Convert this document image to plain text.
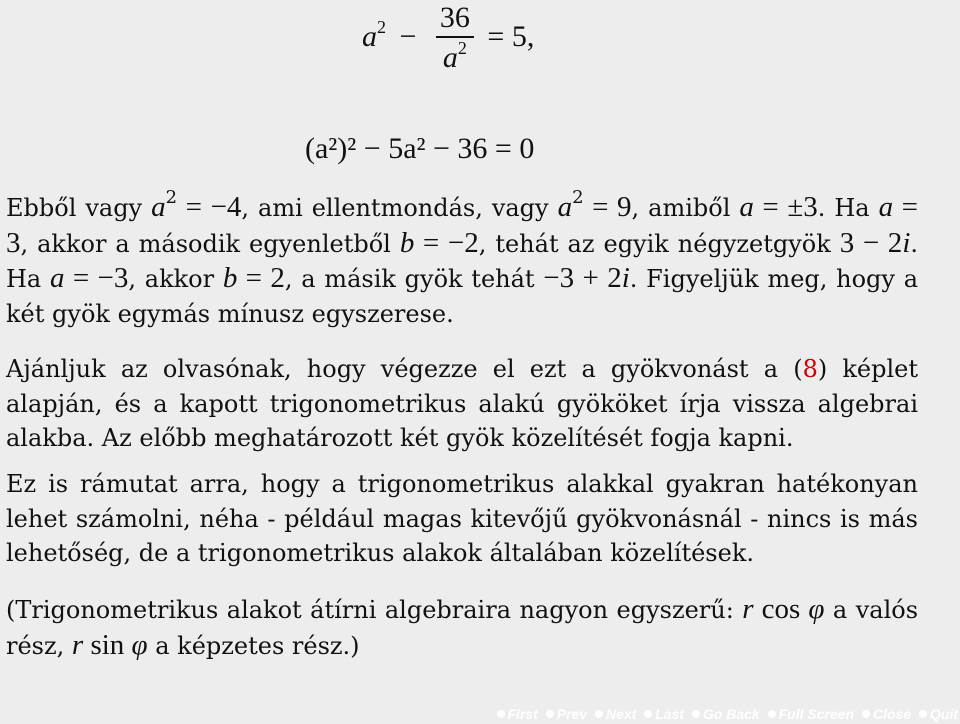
$a^2 - \frac{36}{a^2} = 5$,
(a²)² − 5a² − 36 = 0
Ebből vagy $a^2 = -4$, ami ellentmondás, vagy $a^2 = 9$, amiből a = ±3. Ha a = 3, akkor a második egyenletből b = −2, tehát az egyik négyzetgyök 3 − 2i. Ha a = −3, akkor b = 2, a másik gyök tehát −3 + 2i. Figyeljük meg, hogy a két gyök egymás mínusz egyszerese.
Ajánljuk az olvasónak, hogy végezze el ezt a gyökvonást a (8) képlet alapján, és a kapott trigonometrikus alakú gyököket írja vissza algebrai alakba. Az előbb meghatározott két gyök közelítését fogja kapni.
Ez is rámutat arra, hogy a trigonometrikus alakkal gyakran hatékonyan lehet számolni, néha - például magas kitevőjű gyökvonásnál - nincs is más lehetőség, de a trigonometrikus alakok általában közelítések.
(Trigonometrikus alakot átírni algebraira nagyon egyszerű: r cos φ a valós rész, r sin φ a képzetes rész.)
First Prev Next Last Go Back Full Screen Close Quit
